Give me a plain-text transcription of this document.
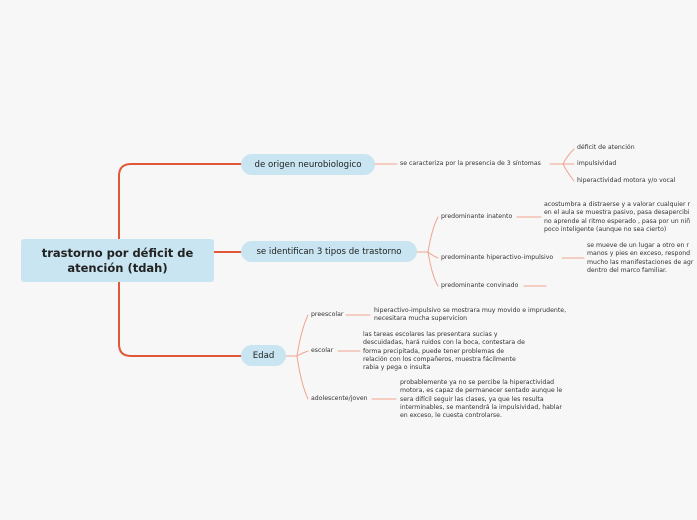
trastorno por déficit de
atención (tdah)
de origen neurobiologico
se identifican 3 tipos de trastorno
Edad
se caracteriza por la presencia de 3 síntomas
déficit de atención
impulsividad
hiperactividad motora y/o vocal
predominante inatento
acostumbra a distraerse y a valorar cualquier r
en el aula se muestra pasivo, pasa desapercibi
no aprende al ritmo esperado , pasa por un niñ
poco inteligente (aunque no sea cierto)
predominante hiperactivo-impulsivo
se mueve de un lugar a otro en r
manos y pies en exceso, respond
mucho las manifestaciones de agr
dentro del marco familiar.
predominante convinado
preescolar
hiperactivo-impulsivo se mostrara muy movido e imprudente,
necesitara mucha supervicion
escolar
las tareas escolares las presentara sucias y
descuidadas, hará ruidos con la boca, contestara de
forma precipitada, puede tener problemas de
relación con los compañeros, muestra fácilmente
rabia y pega o insulta
adolescente/joven
probablemente ya no se percibe la hiperactividad
motora, es capaz de permanecer sentado aunque le
sera difícil seguir las clases, ya que les resulta
interminables, se mantendrá la impulsividad, hablar
en exceso, le cuesta controlarse.
